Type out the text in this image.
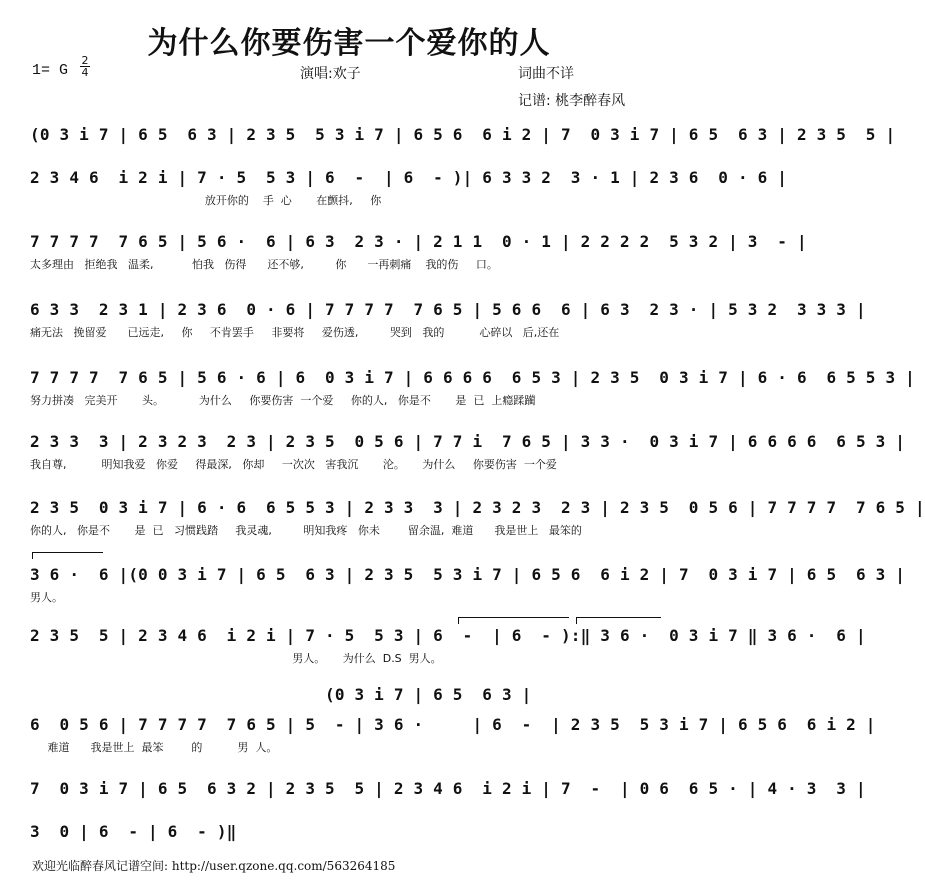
为什么你要伤害一个爱你的人
1= G
2
4	演唱:欢子	词曲不详
记谱: 桃李醉春风
(0 3 i 7 | 6 5  6 3 | 2 3 5  5 3 i 7 | 6 5 6  6 i 2 | 7  0 3 i 7 | 6 5  6 3 | 2 3 5  5 |
2 3 4 6  i 2 i | 7 · 5  5 3 | 6  -  | 6  - )| 6 3 3 2  3 · 1 | 2 3 6  0 · 6 |
放开你的    手  心       在颤抖,     你
7 7 7 7  7 6 5 | 5 6 ·  6 | 6 3  2 3 · | 2 1 1  0 · 1 | 2 2 2 2  5 3 2 | 3  - |
太多理由   拒绝我   温柔,           怕我   伤得      还不够,         你      一再刺痛    我的伤     口。
6 3 3  2 3 1 | 2 3 6  0 · 6 | 7 7 7 7  7 6 5 | 5 6 6  6 | 6 3  2 3 · | 5 3 2  3 3 3 |
痛无法   挽留爱      已远走,     你     不肯罢手     非要将     爱伤透,         哭到   我的          心碎以   后,还在
7 7 7 7  7 6 5 | 5 6 · 6 | 6  0 3 i 7 | 6 6 6 6  6 5 3 | 2 3 5  0 3 i 7 | 6 · 6  6 5 5 3 |
努力拼凑   完美开       头。          为什么     你要伤害  一个爱     你的人,   你是不       是  已  上瘾蹂躏
2 3 3  3 | 2 3 2 3  2 3 | 2 3 5  0 5 6 | 7 7 i  7 6 5 | 3 3 ·  0 3 i 7 | 6 6 6 6  6 5 3 |
我自尊,          明知我爱   你爱     得最深,   你却     一次次   害我沉       沦。     为什么     你要伤害  一个爱
2 3 5  0 3 i 7 | 6 · 6  6 5 5 3 | 2 3 3  3 | 2 3 2 3  2 3 | 2 3 5  0 5 6 | 7 7 7 7  7 6 5 |
你的人,   你是不       是  已   习惯践踏     我灵魂,         明知我疼   你未        留余温,  难道      我是世上   最笨的
3 6 ·  6 |(0 0 3 i 7 | 6 5  6 3 | 2 3 5  5 3 i 7 | 6 5 6  6 i 2 | 7  0 3 i 7 | 6 5  6 3 |
男人。
2 3 5  5 | 2 3 4 6  i 2 i | 7 · 5  5 3 | 6  -  | 6  - ):‖ 3 6 ·  0 3 i 7 ‖ 3 6 ·  6 |
男人。     为什么  D.S  男人。
(0 3 i 7 | 6 5  6 3 |
6  0 5 6 | 7 7 7 7  7 6 5 | 5  - | 3 6 ·     | 6  -  | 2 3 5  5 3 i 7 | 6 5 6  6 i 2 |
难道      我是世上  最笨        的          男  人。
7  0 3 i 7 | 6 5  6 3 2 | 2 3 5  5 | 2 3 4 6  i 2 i | 7  -  | 0 6  6 5 · | 4 · 3  3 |
3  0 | 6  - | 6  - )‖
欢迎光临醉春风记谱空间: http://user.qzone.qq.com/563264185
